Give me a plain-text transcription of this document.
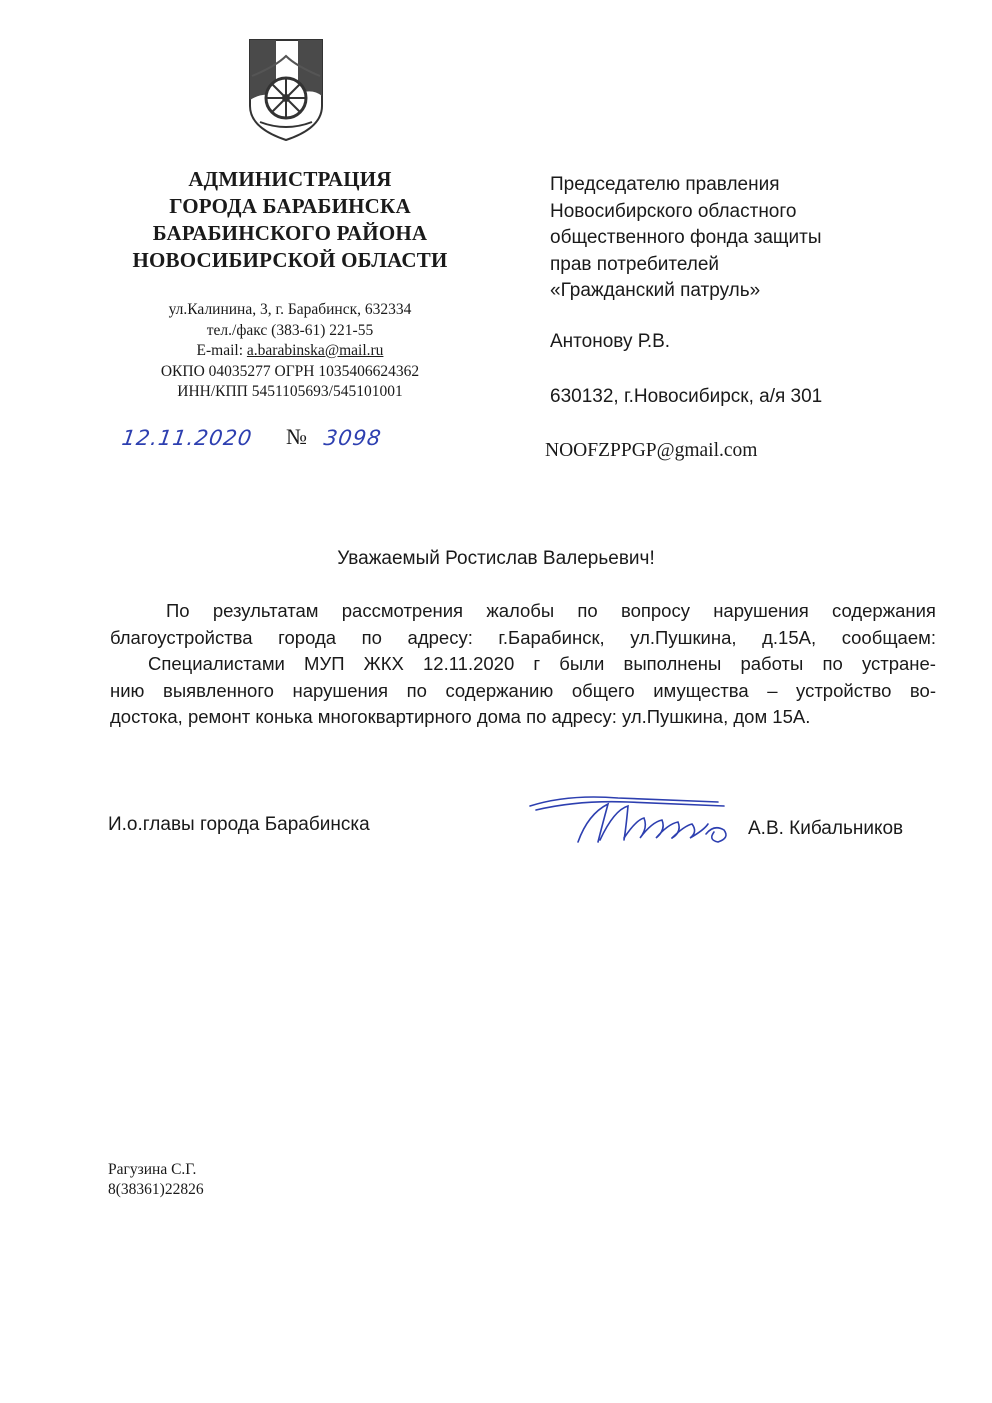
АДМИНИСТРАЦИЯ
ГОРОДА БАРАБИНСКА
БАРАБИНСКОГО РАЙОНА
НОВОСИБИРСКОЙ ОБЛАСТИ
ул.Калинина, 3, г. Барабинск, 632334
тел./факс (383-61) 221-55
E-mail: a.barabinska@mail.ru
ОКПО 04035277 ОГРН 1035406624362
ИНН/КПП 5451105693/545101001
12.11.2020 № 3098
Председателю правления
Новосибирского областного
общественного фонда защиты
прав потребителей
«Гражданский патруль»
Антонову Р.В.
630132, г.Новосибирск, а/я 301
NOOFZPPGP@gmail.com
Уважаемый Ростислав Валерьевич!
По результатам рассмотрения жалобы по вопросу нарушения содержания
благоустройства города по адресу: г.Барабинск, ул.Пушкина, д.15А, сообщаем:
Специалистами МУП ЖКХ 12.11.2020 г были выполнены работы по устране-
нию выявленного нарушения по содержанию общего имущества – устройство во-
достока, ремонт конька многоквартирного дома по адресу: ул.Пушкина, дом 15А.
И.о.главы города Барабинска	А.В. Кибальников
Рагузина С.Г.
8(38361)22826
